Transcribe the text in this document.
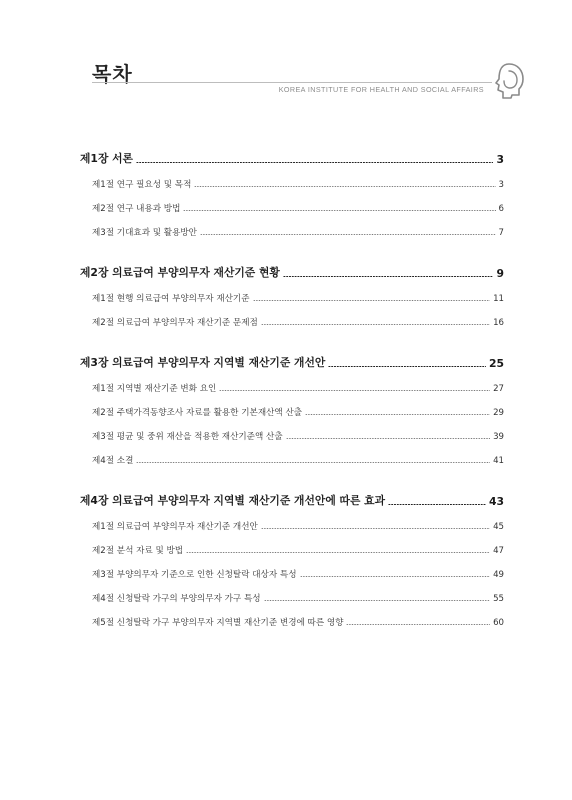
목차
KOREA INSTITUTE FOR HEALTH AND SOCIAL AFFAIRS
제1장 서론	3
제1절 연구 필요성 및 목적	3
제2절 연구 내용과 방법	6
제3절 기대효과 및 활용방안	7
제2장 의료급여 부양의무자 재산기준 현황	9
제1절 현행 의료급여 부양의무자 재산기준	11
제2절 의료급여 부양의무자 재산기준 문제점	16
제3장 의료급여 부양의무자 지역별 재산기준 개선안	25
제1절 지역별 재산기준 변화 요인	27
제2절 주택가격동향조사 자료를 활용한 기본재산액 산출	29
제3절 평균 및 중위 재산을 적용한 재산기준액 산출	39
제4절 소결	41
제4장 의료급여 부양의무자 지역별 재산기준 개선안에 따른 효과	43
제1절 의료급여 부양의무자 재산기준 개선안	45
제2절 분석 자료 및 방법	47
제3절 부양의무자 기준으로 인한 신청탈락 대상자 특성	49
제4절 신청탈락 가구의 부양의무자 가구 특성	55
제5절 신청탈락 가구 부양의무자 지역별 재산기준 변경에 따른 영향	60
